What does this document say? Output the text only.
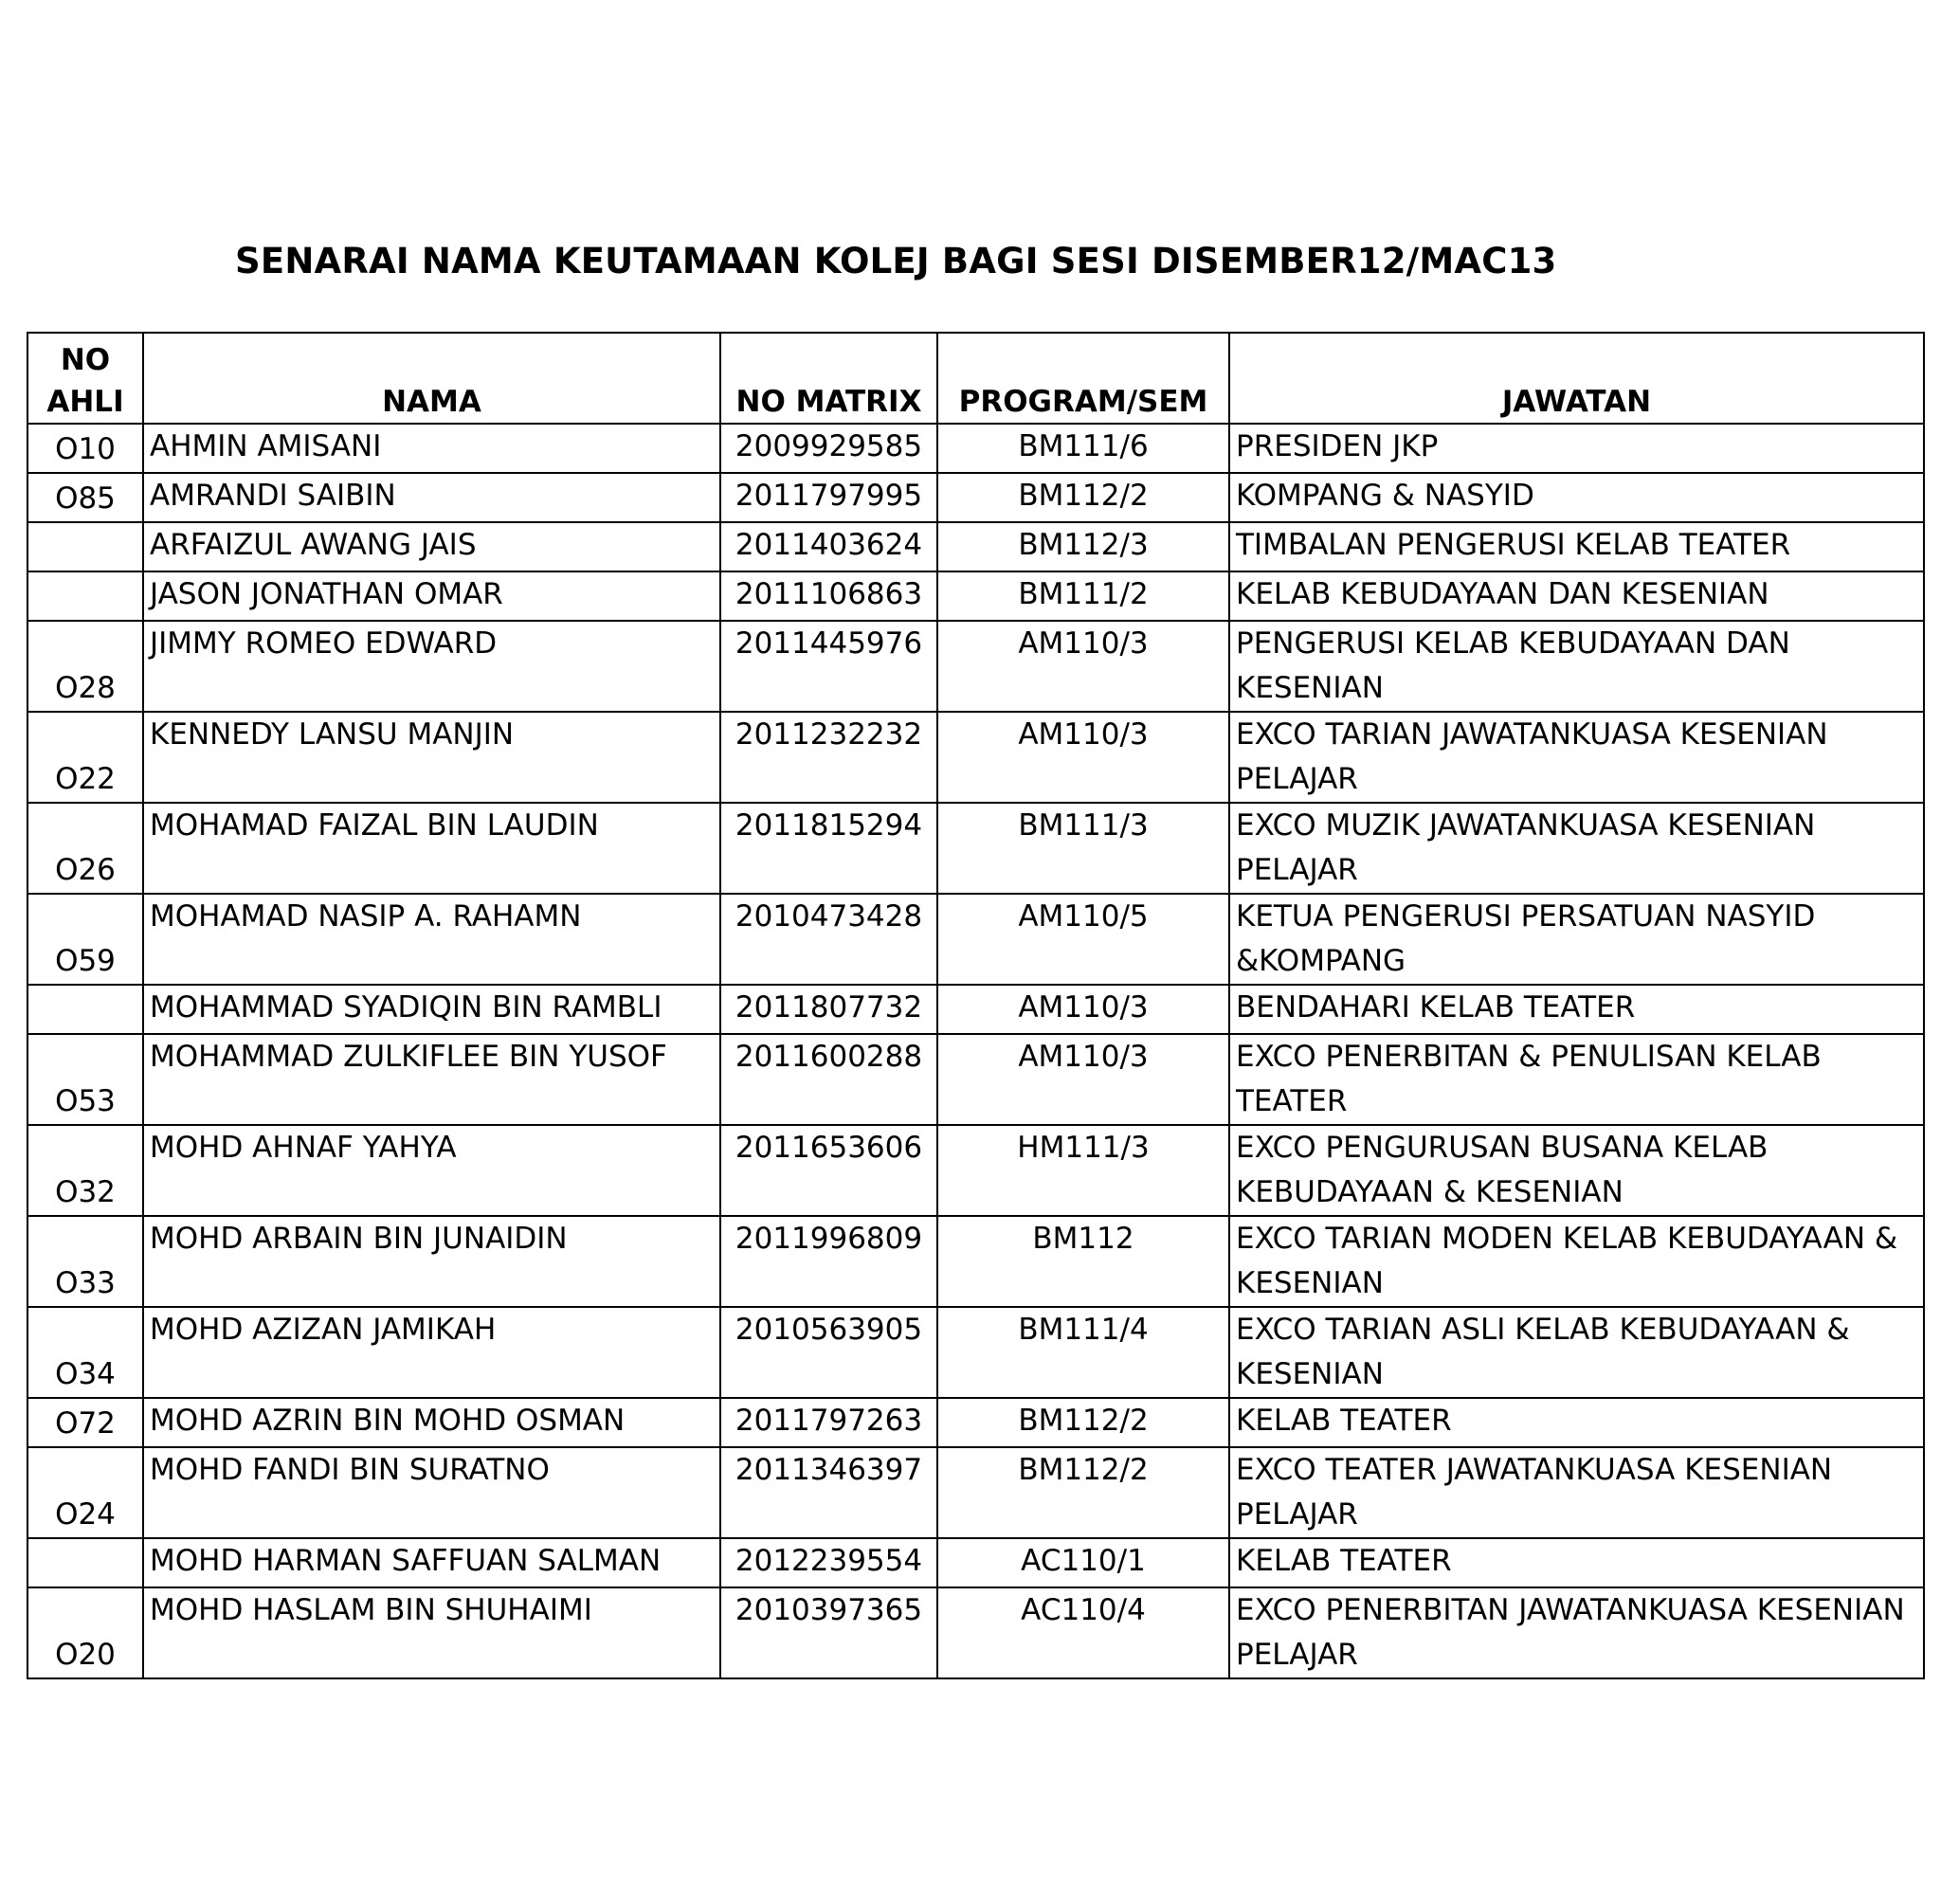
SENARAI NAMA KEUTAMAAN KOLEJ BAGI SESI DISEMBER12/MAC13
NO
AHLI	NAMA	NO MATRIX	PROGRAM/SEM	JAWATAN
O10	AHMIN AMISANI	2009929585	BM111/6	PRESIDEN JKP
O85	AMRANDI SAIBIN	2011797995	BM112/2	KOMPANG & NASYID
	ARFAIZUL AWANG JAIS	2011403624	BM112/3	TIMBALAN PENGERUSI KELAB TEATER
	JASON JONATHAN OMAR	2011106863	BM111/2	KELAB KEBUDAYAAN DAN KESENIAN
O28	JIMMY ROMEO EDWARD	2011445976	AM110/3	PENGERUSI KELAB KEBUDAYAAN DAN KESENIAN
O22	KENNEDY LANSU MANJIN	2011232232	AM110/3	EXCO TARIAN JAWATANKUASA KESENIAN PELAJAR
O26	MOHAMAD FAIZAL BIN LAUDIN	2011815294	BM111/3	EXCO MUZIK JAWATANKUASA KESENIAN PELAJAR
O59	MOHAMAD NASIP A. RAHAMN	2010473428	AM110/5	KETUA PENGERUSI PERSATUAN NASYID &KOMPANG
	MOHAMMAD SYADIQIN BIN RAMBLI	2011807732	AM110/3	BENDAHARI KELAB TEATER
O53	MOHAMMAD ZULKIFLEE BIN YUSOF	2011600288	AM110/3	EXCO PENERBITAN & PENULISAN KELAB TEATER
O32	MOHD AHNAF YAHYA	2011653606	HM111/3	EXCO PENGURUSAN BUSANA KELAB KEBUDAYAAN & KESENIAN
O33	MOHD ARBAIN BIN JUNAIDIN	2011996809	BM112	EXCO TARIAN MODEN KELAB KEBUDAYAAN & KESENIAN
O34	MOHD AZIZAN JAMIKAH	2010563905	BM111/4	EXCO TARIAN ASLI KELAB KEBUDAYAAN & KESENIAN
O72	MOHD AZRIN BIN MOHD OSMAN	2011797263	BM112/2	KELAB TEATER
O24	MOHD FANDI BIN SURATNO	2011346397	BM112/2	EXCO TEATER JAWATANKUASA KESENIAN PELAJAR
	MOHD HARMAN SAFFUAN SALMAN	2012239554	AC110/1	KELAB TEATER
O20	MOHD HASLAM BIN SHUHAIMI	2010397365	AC110/4	EXCO PENERBITAN JAWATANKUASA KESENIAN PELAJAR
